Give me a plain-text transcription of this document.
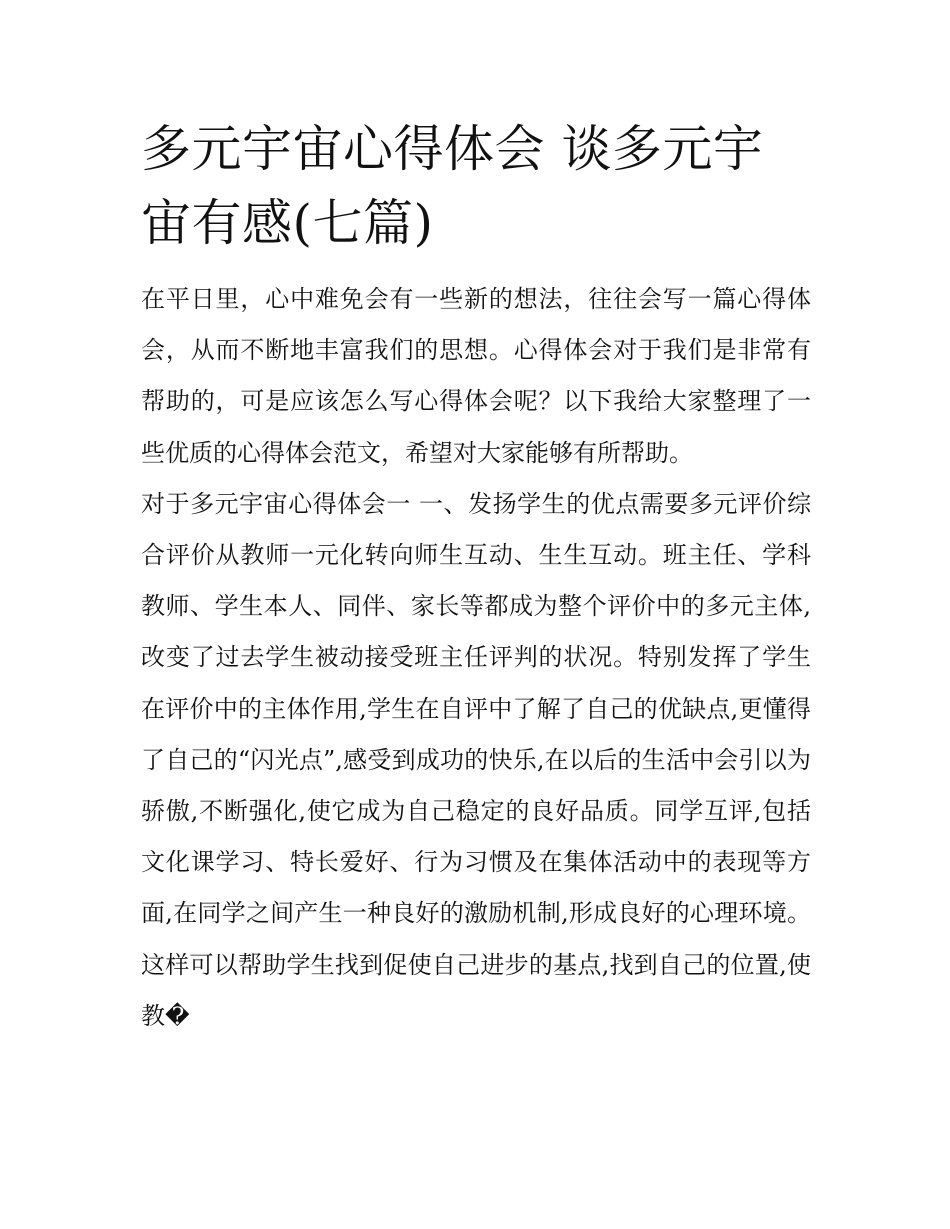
多元宇宙心得体会 谈多元宇宙有感(七篇)

在平日里，心中难免会有一些新的想法，往往会写一篇心得体会，从而不断地丰富我们的思想。心得体会对于我们是非常有帮助的，可是应该怎么写心得体会呢？以下我给大家整理了一些优质的心得体会范文，希望对大家能够有所帮助。

对于多元宇宙心得体会一 一、发扬学生的优点需要多元评价综合评价从教师一元化转向师生互动、生生互动。班主任、学科教师、学生本人、同伴、家长等都成为整个评价中的多元主体,改变了过去学生被动接受班主任评判的状况。特别发挥了学生在评价中的主体作用,学生在自评中了解了自己的优缺点,更懂得了自己的“闪光点”,感受到成功的快乐,在以后的生活中会引以为骄傲,不断强化,使它成为自己稳定的良好品质。同学互评,包括文化课学习、特长爱好、行为习惯及在集体活动中的表现等方面,在同学之间产生一种良好的激励机制,形成良好的心理环境。这样可以帮助学生找到促使自己进步的基点,找到自己的位置,使教�
